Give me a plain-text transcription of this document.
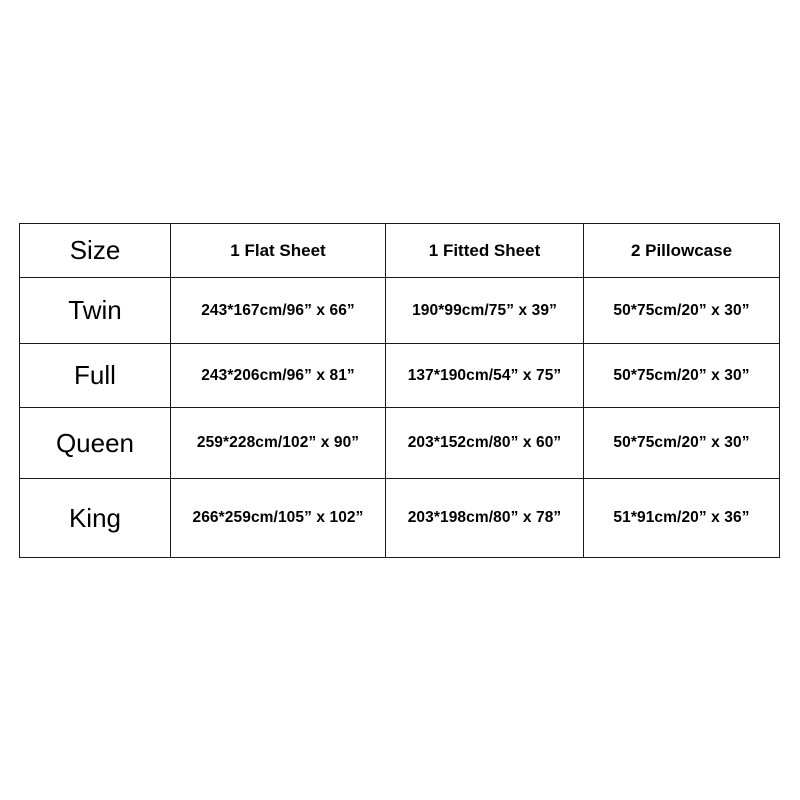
Size	1 Flat Sheet	1 Fitted Sheet	2 Pillowcase
Twin	243*167cm/96” x 66”	190*99cm/75” x 39”	50*75cm/20” x 30”
Full	243*206cm/96” x 81”	137*190cm/54” x 75”	50*75cm/20” x 30”
Queen	259*228cm/102” x 90”	203*152cm/80” x 60”	50*75cm/20” x 30”
King	266*259cm/105” x 102”	203*198cm/80” x 78”	51*91cm/20” x 36”
